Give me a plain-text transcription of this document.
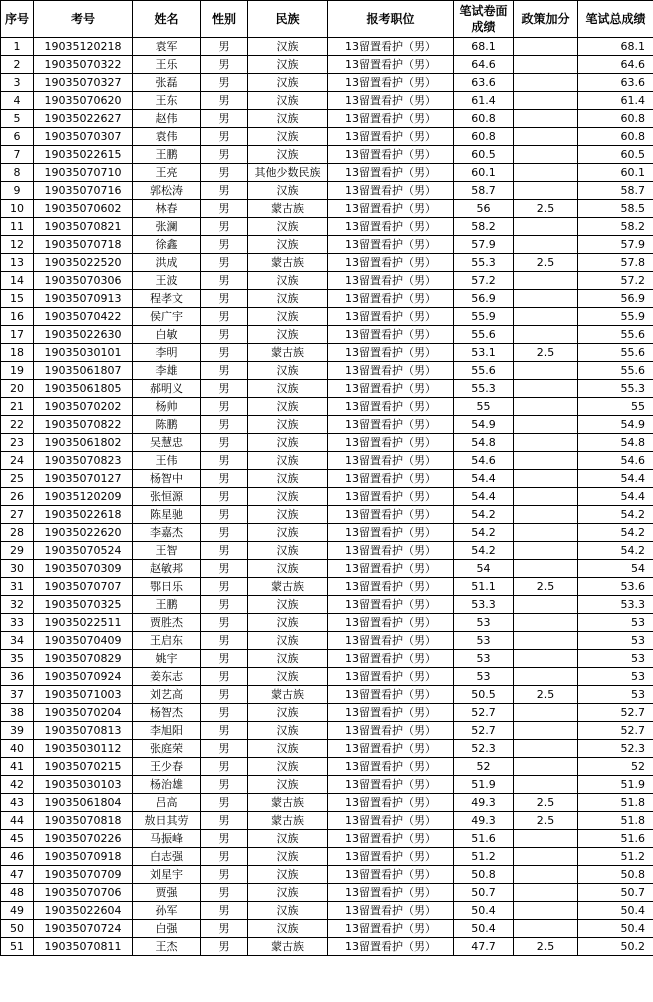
序号	考号	姓名	性别	民族	报考职位	笔试卷面成绩	政策加分	笔试总成绩
1	19035120218	袁军	男	汉族	13留置看护（男）	68.1		68.1
2	19035070322	王乐	男	汉族	13留置看护（男）	64.6		64.6
3	19035070327	张磊	男	汉族	13留置看护（男）	63.6		63.6
4	19035070620	王东	男	汉族	13留置看护（男）	61.4		61.4
5	19035022627	赵伟	男	汉族	13留置看护（男）	60.8		60.8
6	19035070307	袁伟	男	汉族	13留置看护（男）	60.8		60.8
7	19035022615	王鹏	男	汉族	13留置看护（男）	60.5		60.5
8	19035070710	王亮	男	其他少数民族	13留置看护（男）	60.1		60.1
9	19035070716	郭松涛	男	汉族	13留置看护（男）	58.7		58.7
10	19035070602	林春	男	蒙古族	13留置看护（男）	56	2.5	58.5
11	19035070821	张澜	男	汉族	13留置看护（男）	58.2		58.2
12	19035070718	徐鑫	男	汉族	13留置看护（男）	57.9		57.9
13	19035022520	洪成	男	蒙古族	13留置看护（男）	55.3	2.5	57.8
14	19035070306	王波	男	汉族	13留置看护（男）	57.2		57.2
15	19035070913	程孝文	男	汉族	13留置看护（男）	56.9		56.9
16	19035070422	侯广宇	男	汉族	13留置看护（男）	55.9		55.9
17	19035022630	白敏	男	汉族	13留置看护（男）	55.6		55.6
18	19035030101	李明	男	蒙古族	13留置看护（男）	53.1	2.5	55.6
19	19035061807	李雄	男	汉族	13留置看护（男）	55.6		55.6
20	19035061805	郝明义	男	汉族	13留置看护（男）	55.3		55.3
21	19035070202	杨帅	男	汉族	13留置看护（男）	55		55
22	19035070822	陈鹏	男	汉族	13留置看护（男）	54.9		54.9
23	19035061802	吴慧忠	男	汉族	13留置看护（男）	54.8		54.8
24	19035070823	王伟	男	汉族	13留置看护（男）	54.6		54.6
25	19035070127	杨智中	男	汉族	13留置看护（男）	54.4		54.4
26	19035120209	张恒源	男	汉族	13留置看护（男）	54.4		54.4
27	19035022618	陈星驰	男	汉族	13留置看护（男）	54.2		54.2
28	19035022620	李嘉杰	男	汉族	13留置看护（男）	54.2		54.2
29	19035070524	王智	男	汉族	13留置看护（男）	54.2		54.2
30	19035070309	赵敏邦	男	汉族	13留置看护（男）	54		54
31	19035070707	鄂日乐	男	蒙古族	13留置看护（男）	51.1	2.5	53.6
32	19035070325	王鹏	男	汉族	13留置看护（男）	53.3		53.3
33	19035022511	贾胜杰	男	汉族	13留置看护（男）	53		53
34	19035070409	王启东	男	汉族	13留置看护（男）	53		53
35	19035070829	姚宇	男	汉族	13留置看护（男）	53		53
36	19035070924	姜东志	男	汉族	13留置看护（男）	53		53
37	19035071003	刘艺高	男	蒙古族	13留置看护（男）	50.5	2.5	53
38	19035070204	杨智杰	男	汉族	13留置看护（男）	52.7		52.7
39	19035070813	李旭阳	男	汉族	13留置看护（男）	52.7		52.7
40	19035030112	张庭荣	男	汉族	13留置看护（男）	52.3		52.3
41	19035070215	王少春	男	汉族	13留置看护（男）	52		52
42	19035030103	杨治雄	男	汉族	13留置看护（男）	51.9		51.9
43	19035061804	吕高	男	蒙古族	13留置看护（男）	49.3	2.5	51.8
44	19035070818	敖日其劳	男	蒙古族	13留置看护（男）	49.3	2.5	51.8
45	19035070226	马振峰	男	汉族	13留置看护（男）	51.6		51.6
46	19035070918	白志强	男	汉族	13留置看护（男）	51.2		51.2
47	19035070709	刘星宇	男	汉族	13留置看护（男）	50.8		50.8
48	19035070706	贾强	男	汉族	13留置看护（男）	50.7		50.7
49	19035022604	孙军	男	汉族	13留置看护（男）	50.4		50.4
50	19035070724	白强	男	汉族	13留置看护（男）	50.4		50.4
51	19035070811	王杰	男	蒙古族	13留置看护（男）	47.7	2.5	50.2
